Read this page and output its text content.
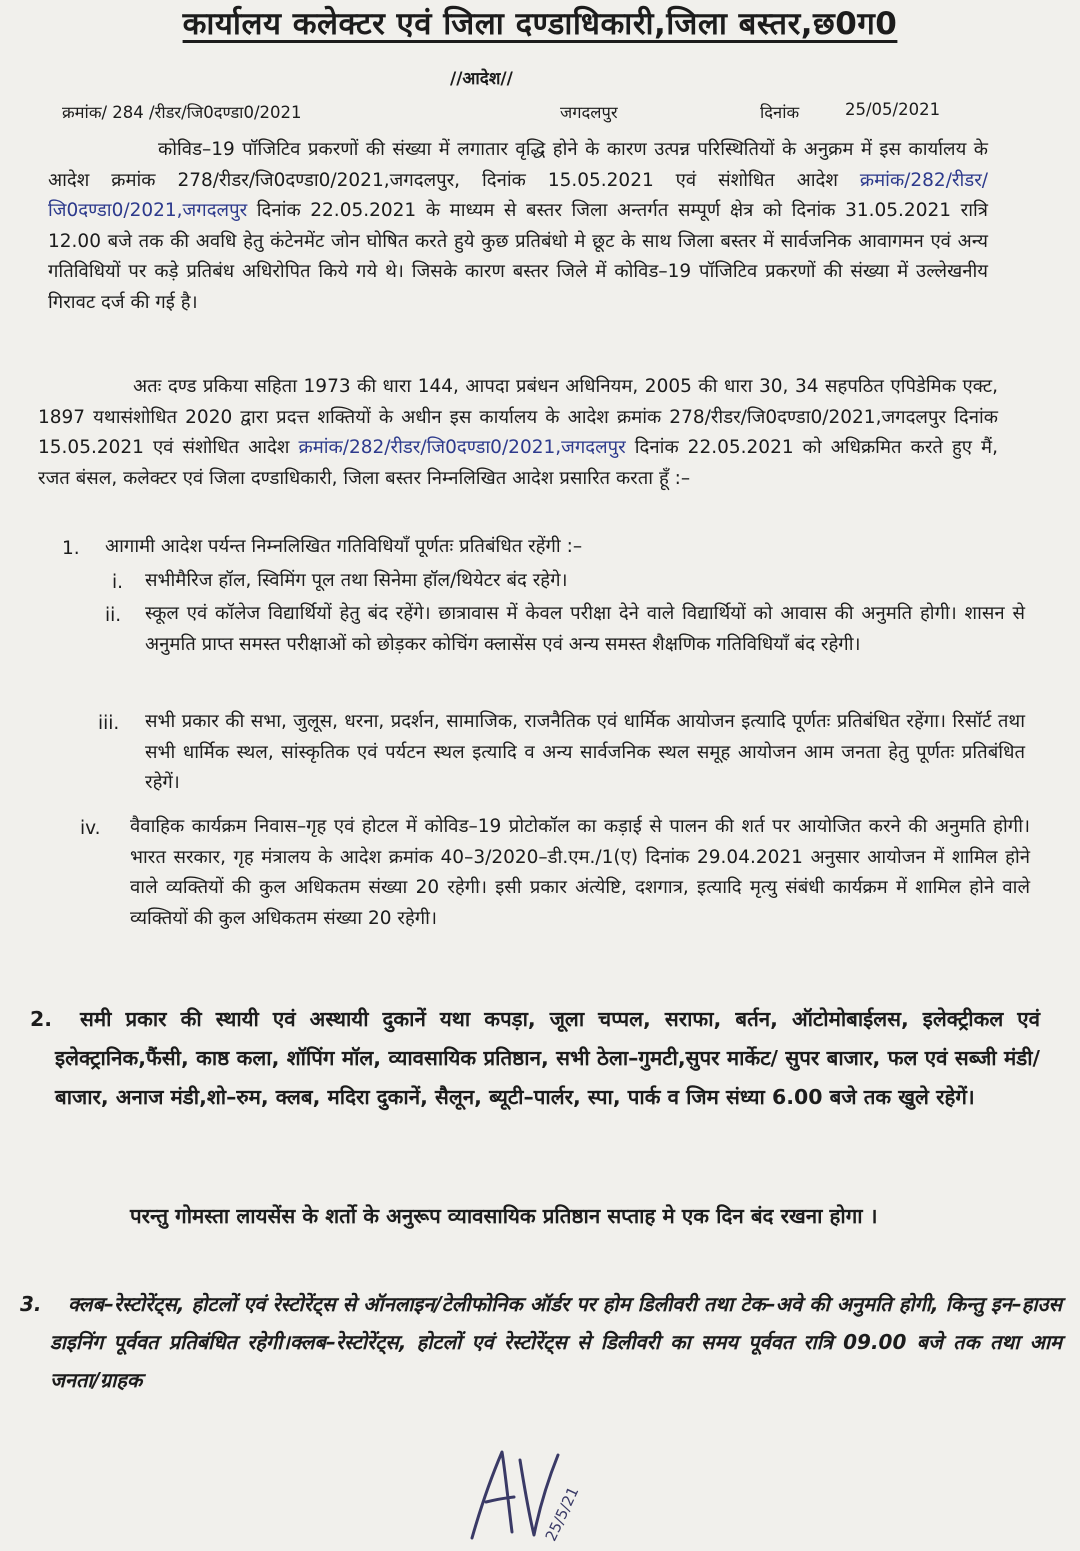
कार्यालय कलेक्टर एवं जिला दण्डाधिकारी,जिला बस्तर,छ0ग0
//आदेश//
क्रमांक/ 284 /रीडर/जि0दण्डा0/2021	जगदलपुर	दिनांक	25/05/2021

कोविड–19 पॉजिटिव प्रकरणों की संख्या में लगातार वृद्धि होने के कारण उत्पन्न परिस्थितियों के अनुक्रम में इस कार्यालय के आदेश क्रमांक 278/रीडर/जि0दण्डा0/2021,जगदलपुर, दिनांक 15.05.2021 एवं संशोधित आदेश क्रमांक/282/रीडर/जि0दण्डा0/2021,जगदलपुर दिनांक 22.05.2021 के माध्यम से बस्तर जिला अन्तर्गत सम्पूर्ण क्षेत्र को दिनांक 31.05.2021 रात्रि 12.00 बजे तक की अवधि हेतु कंटेनमेंट जोन घोषित करते हुये कुछ प्रतिबंधो मे छूट के साथ जिला बस्तर में सार्वजनिक आवागमन एवं अन्य गतिविधियों पर कड़े प्रतिबंध अधिरोपित किये गये थे। जिसके कारण बस्तर जिले में कोविड–19 पॉजिटिव प्रकरणों की संख्या में उल्लेखनीय गिरावट दर्ज की गई है।

अतः दण्ड प्रकिया सहिता 1973 की धारा 144, आपदा प्रबंधन अधिनियम, 2005 की धारा 30, 34 सहपठित एपिडेमिक एक्ट, 1897 यथासंशोधित 2020 द्वारा प्रदत्त शक्तियों के अधीन इस कार्यालय के आदेश क्रमांक 278/रीडर/जि0दण्डा0/2021,जगदलपुर दिनांक 15.05.2021 एवं संशोधित आदेश क्रमांक/282/रीडर/जि0दण्डा0/2021,जगदलपुर दिनांक 22.05.2021 को अधिक्रमित करते हुए मैं, रजत बंसल, कलेक्टर एवं जिला दण्डाधिकारी, जिला बस्तर निम्नलिखित आदेश प्रसारित करता हूँ :–

1. आगामी आदेश पर्यन्त निम्नलिखित गतिविधियाँ पूर्णतः प्रतिबंधित रहेंगी :–

i. सभीमैरिज हॉल, स्विमिंग पूल तथा सिनेमा हॉल/थियेटर बंद रहेगे।

ii. स्कूल एवं कॉलेज विद्यार्थियों हेतु बंद रहेंगे। छात्रावास में केवल परीक्षा देने वाले विद्यार्थियों को आवास की अनुमति होगी। शासन से अनुमति प्राप्त समस्त परीक्षाओं को छोड़कर कोचिंग क्लासेंस एवं अन्य समस्त शैक्षणिक गतिविधियाँ बंद रहेगी।

iii. सभी प्रकार की सभा, जुलूस, धरना, प्रदर्शन, सामाजिक, राजनैतिक एवं धार्मिक आयोजन इत्यादि पूर्णतः प्रतिबंधित रहेंगा। रिसॉर्ट तथा सभी धार्मिक स्थल, सांस्कृतिक एवं पर्यटन स्थल इत्यादि व अन्य सार्वजनिक स्थल समूह आयोजन आम जनता हेतु पूर्णतः प्रतिबंधित रहेगें।

iv. वैवाहिक कार्यक्रम निवास–गृह एवं होटल में कोविड–19 प्रोटोकॉल का कड़ाई से पालन की शर्त पर आयोजित करने की अनुमति होगी। भारत सरकार, गृह मंत्रालय के आदेश क्रमांक 40–3/2020–डी.एम./1(ए) दिनांक 29.04.2021 अनुसार आयोजन में शामिल होने वाले व्यक्तियों की कुल अधिकतम संख्या 20 रहेगी। इसी प्रकार अंत्येष्टि, दशगात्र, इत्यादि मृत्यु संबंधी कार्यक्रम में शामिल होने वाले व्यक्तियों की कुल अधिकतम संख्या 20 रहेगी।

2.	समी प्रकार की स्थायी एवं अस्थायी दुकानें यथा कपड़ा, जूला चप्पल, सराफा, बर्तन, ऑटोमोबाईलस, इलेक्ट्रीकल एवं इलेक्ट्रानिक,फैंसी, काष्ठ कला, शॉपिंग मॉल, व्यावसायिक प्रतिष्ठान, सभी ठेला–गुमटी,सुपर मार्केट/ सुपर बाजार, फल एवं सब्जी मंडी/बाजार, अनाज मंडी,शो–रुम, क्लब, मदिरा दुकानें, सैलून, ब्यूटी–पार्लर, स्पा, पार्क व जिम संध्या 6.00 बजे तक खुले रहेगें।

परन्तु गोमस्ता लायसेंस के शर्तो के अनुरूप व्यावसायिक प्रतिष्ठान सप्ताह मे एक दिन बंद रखना होगा ।

3.	क्लब–रेस्टोरेंट्स, होटलों एवं रेस्टोरेंट्स से ऑनलाइन/टेलीफोनिक ऑर्डर पर होम डिलीवरी तथा टेक–अवे की अनुमति होगी, किन्तु इन–हाउस डाइनिंग पूर्ववत प्रतिबंधित रहेगी।क्लब–रेस्टोरेंट्स, होटलों एवं रेस्टोरेंट्स से डिलीवरी का समय पूर्ववत रात्रि 09.00 बजे तक तथा आम जनता/ग्राहक

25/5/21
